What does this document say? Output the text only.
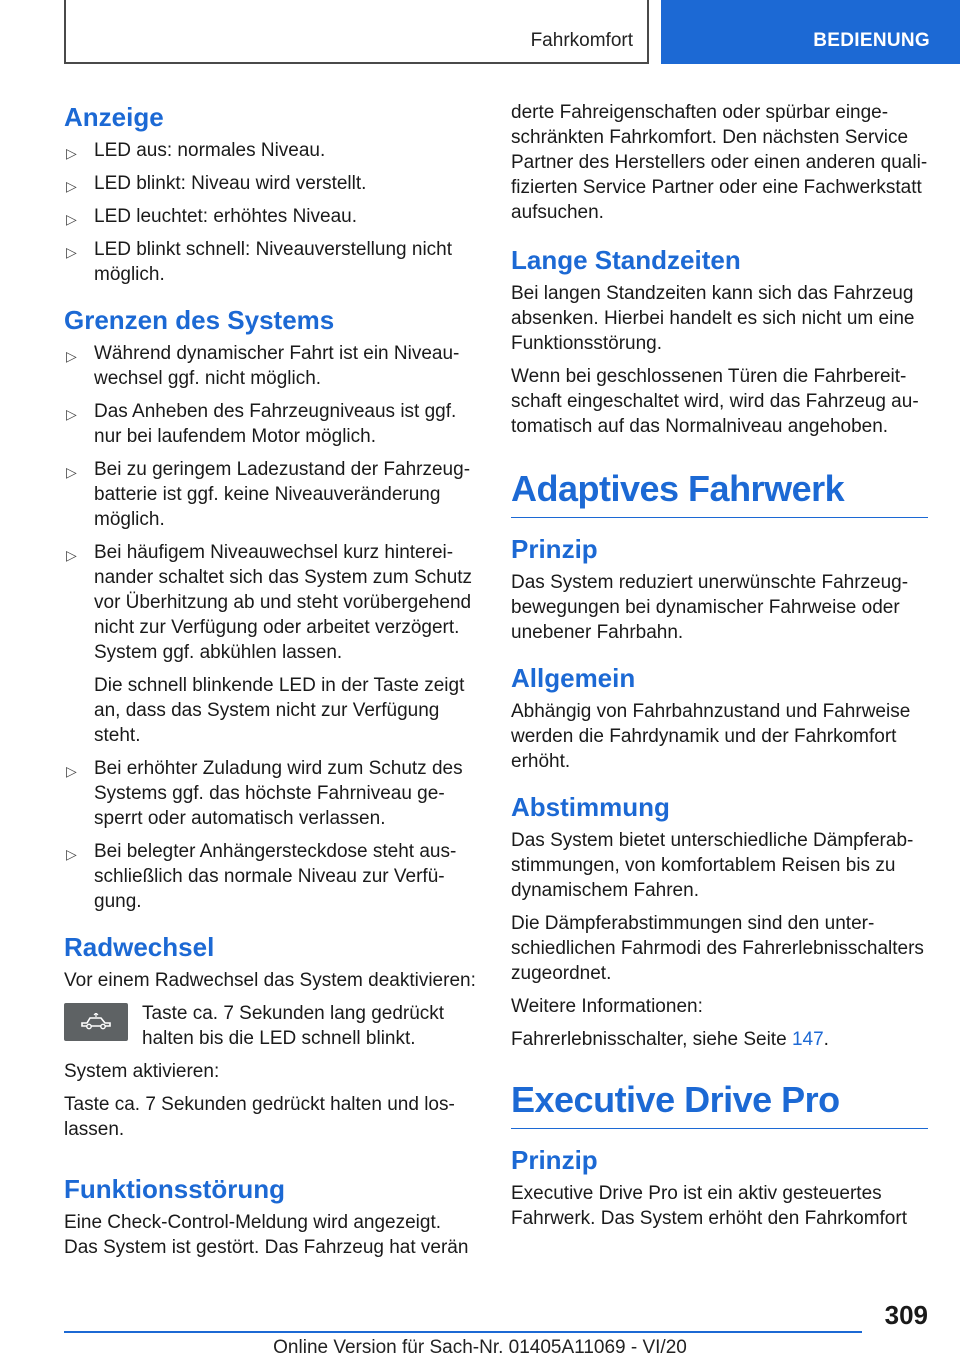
Fahrkomfort	BEDIENUNG
Anzeige
▷ LED aus: normales Niveau.
▷ LED blinkt: Niveau wird verstellt.
▷ LED leuchtet: erhöhtes Niveau.
▷ LED blinkt schnell: Niveauverstellung nicht möglich.
Grenzen des Systems
▷ Während dynamischer Fahrt ist ein Niveauwechsel ggf. nicht möglich.
▷ Das Anheben des Fahrzeugniveaus ist ggf. nur bei laufendem Motor möglich.
▷ Bei zu geringem Ladezustand der Fahrzeugbatterie ist ggf. keine Niveauveränderung möglich.
▷ Bei häufigem Niveauwechsel kurz hintereinander schaltet sich das System zum Schutz vor Überhitzung ab und steht vorübergehend nicht zur Verfügung oder arbeitet verzögert. System ggf. abkühlen lassen.

Die schnell blinkende LED in der Taste zeigt an, dass das System nicht zur Verfügung steht.

▷ Bei erhöhter Zuladung wird zum Schutz des Systems ggf. das höchste Fahrniveau gesperrt oder automatisch verlassen.
▷ Bei belegter Anhängersteckdose steht ausschließlich das normale Niveau zur Verfügung.
Radwechsel

Vor einem Radwechsel das System deaktivieren:

Taste ca. 7 Sekunden lang gedrückt halten bis die LED schnell blinkt.

System aktivieren:

Taste ca. 7 Sekunden gedrückt halten und loslassen.

Funktionsstörung

Eine Check-Control-Meldung wird angezeigt. Das System ist gestört. Das Fahrzeug hat verän

derte Fahreigenschaften oder spürbar eingeschränkten Fahrkomfort. Den nächsten Service Partner des Herstellers oder einen anderen qualifizierten Service Partner oder eine Fachwerkstatt aufsuchen.

Lange Standzeiten

Bei langen Standzeiten kann sich das Fahrzeug absenken. Hierbei handelt es sich nicht um eine Funktionsstörung.

Wenn bei geschlossenen Türen die Fahrbereitschaft eingeschaltet wird, wird das Fahrzeug automatisch auf das Normalniveau angehoben.

Adaptives Fahrwerk
Prinzip

Das System reduziert unerwünschte Fahrzeugbewegungen bei dynamischer Fahrweise oder unebener Fahrbahn.

Allgemein

Abhängig von Fahrbahnzustand und Fahrweise werden die Fahrdynamik und der Fahrkomfort erhöht.

Abstimmung

Das System bietet unterschiedliche Dämpferabstimmungen, von komfortablem Reisen bis zu dynamischem Fahren.

Die Dämpferabstimmungen sind den unterschiedlichen Fahrmodi des Fahrerlebnisschalters zugeordnet.

Weitere Informationen:

Fahrerlebnisschalter, siehe Seite 147.

Executive Drive Pro
Prinzip

Executive Drive Pro ist ein aktiv gesteuertes Fahrwerk. Das System erhöht den Fahrkomfort

309
Online Version für Sach-Nr. 01405A11069 - VI/20
